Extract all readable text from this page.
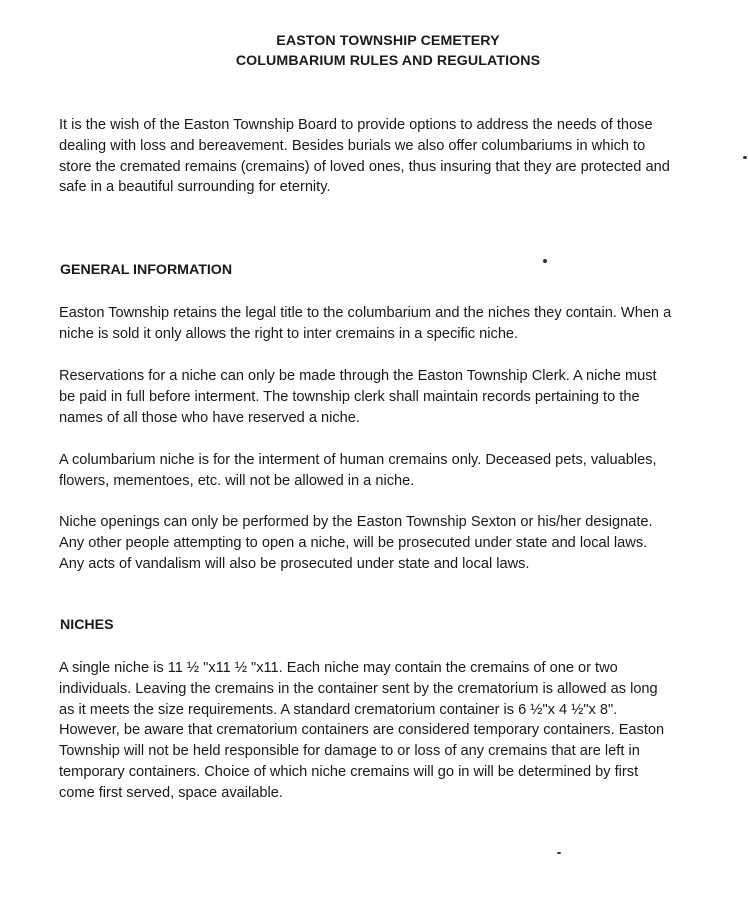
EASTON TOWNSHIP CEMETERY
COLUMBARIUM RULES AND REGULATIONS
It is the wish of the Easton Township Board to provide options to address the needs of those
dealing with loss and bereavement. Besides burials we also offer columbariums in which to
store the cremated remains (cremains) of loved ones, thus insuring that they are protected and
safe in a beautiful surrounding for eternity.
GENERAL INFORMATION
Easton Township retains the legal title to the columbarium and the niches they contain. When a
niche is sold it only allows the right to inter cremains in a specific niche.
Reservations for a niche can only be made through the Easton Township Clerk. A niche must
be paid in full before interment. The township clerk shall maintain records pertaining to the
names of all those who have reserved a niche.
A columbarium niche is for the interment of human cremains only. Deceased pets, valuables,
flowers, mementoes, etc. will not be allowed in a niche.
Niche openings can only be performed by the Easton Township Sexton or his/her designate.
Any other people attempting to open a niche, will be prosecuted under state and local laws.
Any acts of vandalism will also be prosecuted under state and local laws.
NICHES
A single niche is 11 ½ "x11 ½ "x11. Each niche may contain the cremains of one or two
individuals. Leaving the cremains in the container sent by the crematorium is allowed as long
as it meets the size requirements. A standard crematorium container is 6 ½"x 4 ½"x 8".
However, be aware that crematorium containers are considered temporary containers. Easton
Township will not be held responsible for damage to or loss of any cremains that are left in
temporary containers. Choice of which niche cremains will go in will be determined by first
come first served, space available.
